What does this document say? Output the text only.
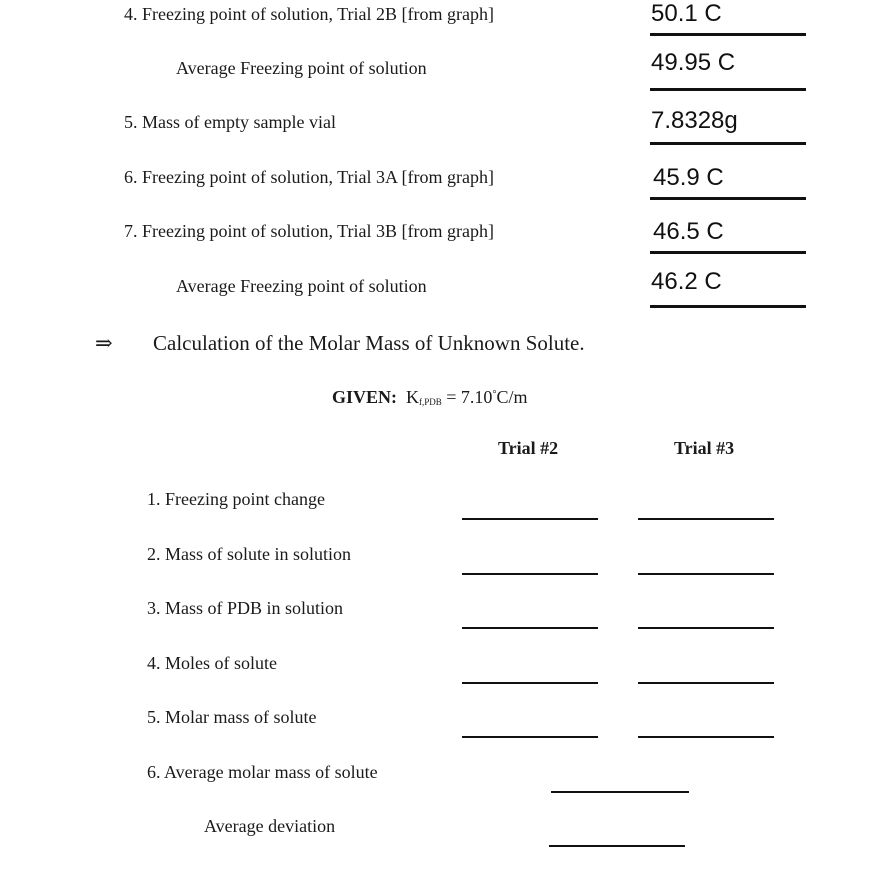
4. Freezing point of solution, Trial 2B [from graph]	50.1 C
Average Freezing point of solution	49.95 C
5. Mass of empty sample vial	7.8328g
6. Freezing point of solution, Trial 3A [from graph]	45.9 C
7. Freezing point of solution, Trial 3B [from graph]	46.5 C
Average Freezing point of solution	46.2 C
⇒ Calculation of the Molar Mass of Unknown Solute.
GIVEN: $K_{f,PDB} = 7.10^\circ C/m$
Trial #2	Trial #3
1. Freezing point change
2. Mass of solute in solution
3. Mass of PDB in solution
4. Moles of solute
5. Molar mass of solute
6. Average molar mass of solute
Average deviation
